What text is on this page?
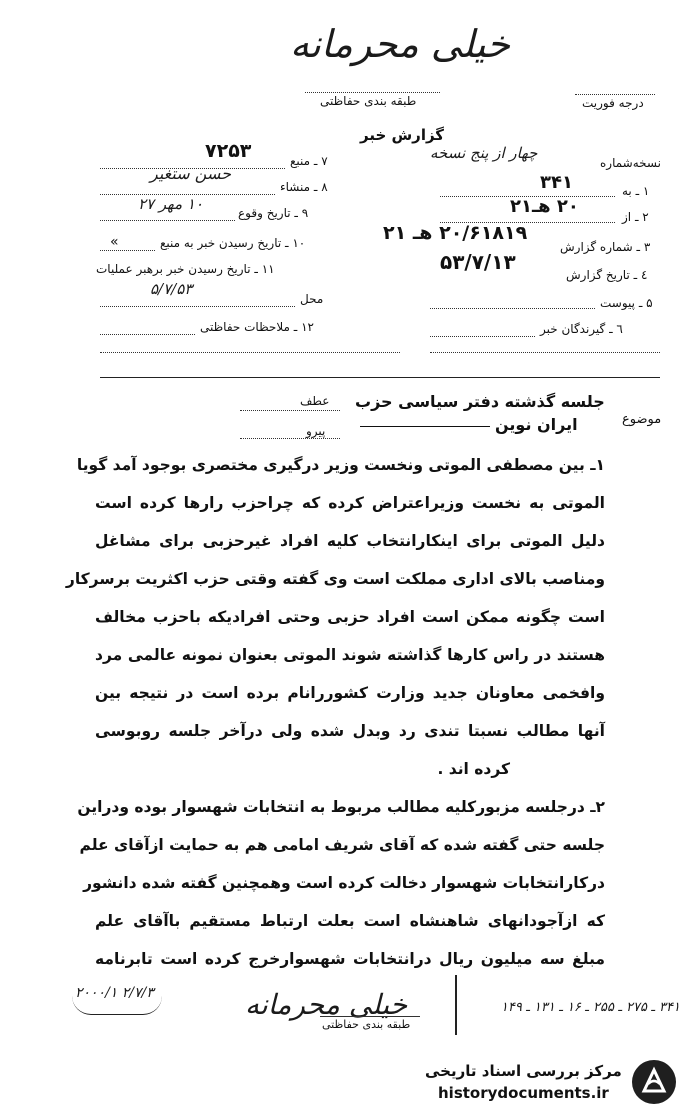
خیلی محرمانه
طبقه بندی حفاظتی	درجه فوریت
گزارش خبر
۷ ـ منبع
۷۲۵۳
۸ ـ منشاء
حسن ستغیر
۹ ـ تاریخ وقوع
۱۰ مهر ۲۷
۱۰ ـ تاریخ رسیدن خبر به منبع
«
۱۱ ـ تاریخ رسیدن خبر برهبر عملیات
محل
۵/۷/۵۳
۱۲ ـ ملاحظات حفاظتی
نسخه‌شماره
چهار از پنج نسخه
۱ ـ به
۳۴۱
۲ ـ از
۲۰ هـ۲۱
۳ ـ شماره گزارش
۲۰/۶۱۸۱۹ هـ ۲۱
٤ ـ تاریخ گزارش
۵۳/۷/۱۳
۵ ـ پیوست
٦ ـ گیرندگان خبر
موضوع
جلسه گذشته دفتر سیاسی حزب
ایران نوین
عطف
پیرو
۱ـ بین مصطفی الموتی ونخست وزیر درگیری مختصری بوجود آمد گویا
الموتی به نخست وزیراعتراض کرده که چراحزب رارها کرده است
دلیل الموتی برای اینکارانتخاب کلیه افراد غیرحزبی برای مشاغل
ومناصب بالای اداری مملکت است وی گفته وقتی حزب اکثریت برسرکار
است چگونه ممکن است افراد حزبی وحتی افرادیکه باحزب مخالف
هستند در راس کارها گذاشته شوند الموتی بعنوان نمونه عالمی مرد
وافخمی معاونان جدید وزارت کشوررانام برده است در نتیجه بین
آنها مطالب نسبتا تندی رد وبدل شده ولی درآخر جلسه روبوسی
کرده اند .
۲ـ درجلسه مزبورکلیه مطالب مربوط به انتخابات شهسوار بوده ودراین
جلسه حتی گفته شده که آقای شریف امامی هم به حمایت ازآقای علم
درکارانتخابات شهسوار دخالت کرده است وهمچنین گفته شده دانشور
که ازآجودانهای شاهنشاه است بعلت ارتباط مستقیم باآقای علم
مبلغ سه میلیون ریال درانتخابات شهسوارخرج کرده است تابرنامه
۲۰۰۰/۱ ۲/۷/۳	خیلی محرمانه
طبقه بندی حفاظتی
۳۴۱ ـ ۲۷۵ ـ ۲۵۵ ـ ۱۶ ـ ۱۳۱ ـ ۱۴۹
مرکز بررسی اسناد تاریخی
historydocuments.ir
